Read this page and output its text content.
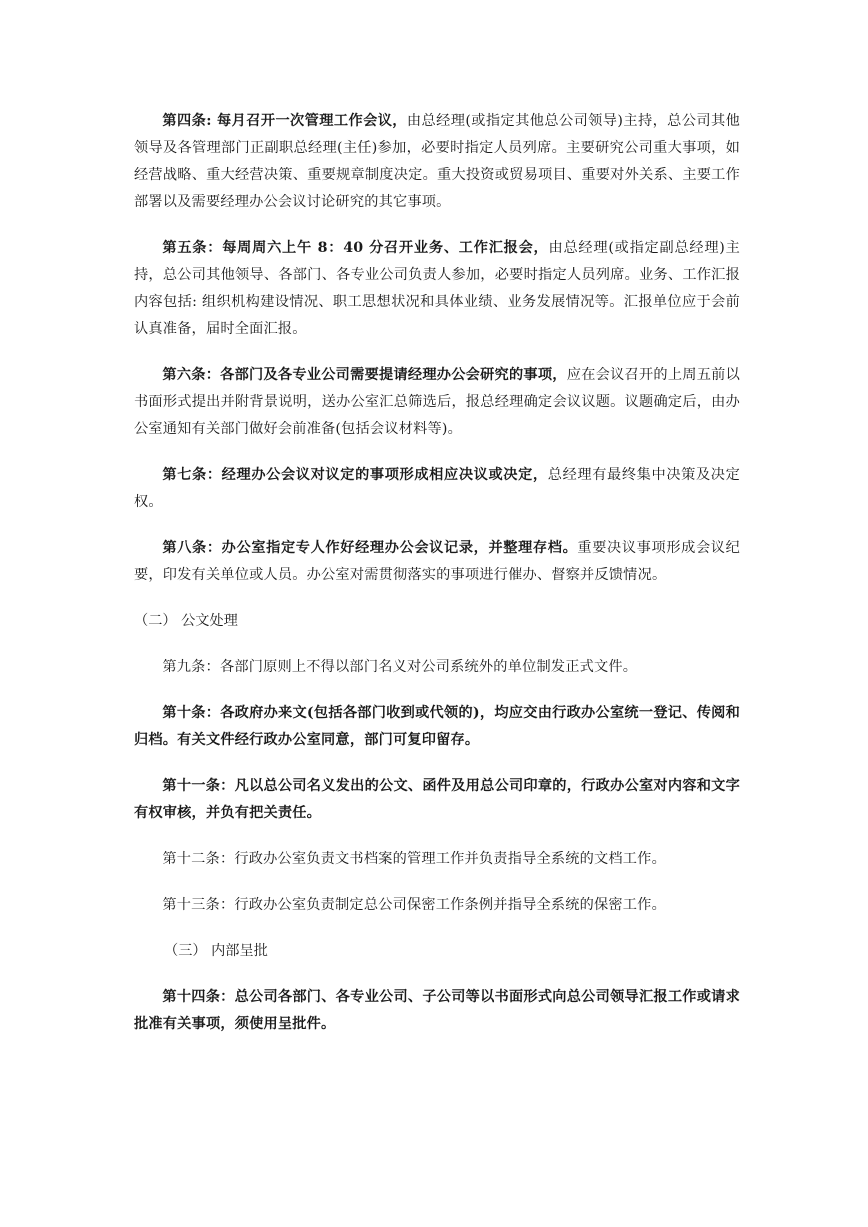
第四条: 每月召开一次管理工作会议，由总经理(或指定其他总公司领导)主持，总公司其他领导及各管理部门正副职总经理(主任)参加，必要时指定人员列席。主要研究公司重大事项，如经营战略、重大经营决策、重要规章制度决定。重大投资或贸易项目、重要对外关系、主要工作部署以及需要经理办公会议讨论研究的其它事项。

第五条：每周周六上午 8：40 分召开业务、工作汇报会，由总经理(或指定副总经理)主持，总公司其他领导、各部门、各专业公司负责人参加，必要时指定人员列席。业务、工作汇报内容包括: 组织机构建设情况、职工思想状况和具体业绩、业务发展情况等。汇报单位应于会前认真准备，届时全面汇报。

第六条：各部门及各专业公司需要提请经理办公会研究的事项，应在会议召开的上周五前以书面形式提出并附背景说明，送办公室汇总筛选后，报总经理确定会议议题。议题确定后，由办公室通知有关部门做好会前准备(包括会议材料等)。

第七条：经理办公会议对议定的事项形成相应决议或决定，总经理有最终集中决策及决定权。

第八条：办公室指定专人作好经理办公会议记录，并整理存档。重要决议事项形成会议纪要，印发有关单位或人员。办公室对需贯彻落实的事项进行催办、督察并反馈情况。

（二） 公文处理

第九条：各部门原则上不得以部门名义对公司系统外的单位制发正式文件。

第十条：各政府办来文(包括各部门收到或代领的)，均应交由行政办公室统一登记、传阅和归档。有关文件经行政办公室同意，部门可复印留存。

第十一条：凡以总公司名义发出的公文、函件及用总公司印章的，行政办公室对内容和文字有权审核，并负有把关责任。

第十二条：行政办公室负责文书档案的管理工作并负责指导全系统的文档工作。

第十三条：行政办公室负责制定总公司保密工作条例并指导全系统的保密工作。

（三） 内部呈批

第十四条：总公司各部门、各专业公司、子公司等以书面形式向总公司领导汇报工作或请求批准有关事项，须使用呈批件。
